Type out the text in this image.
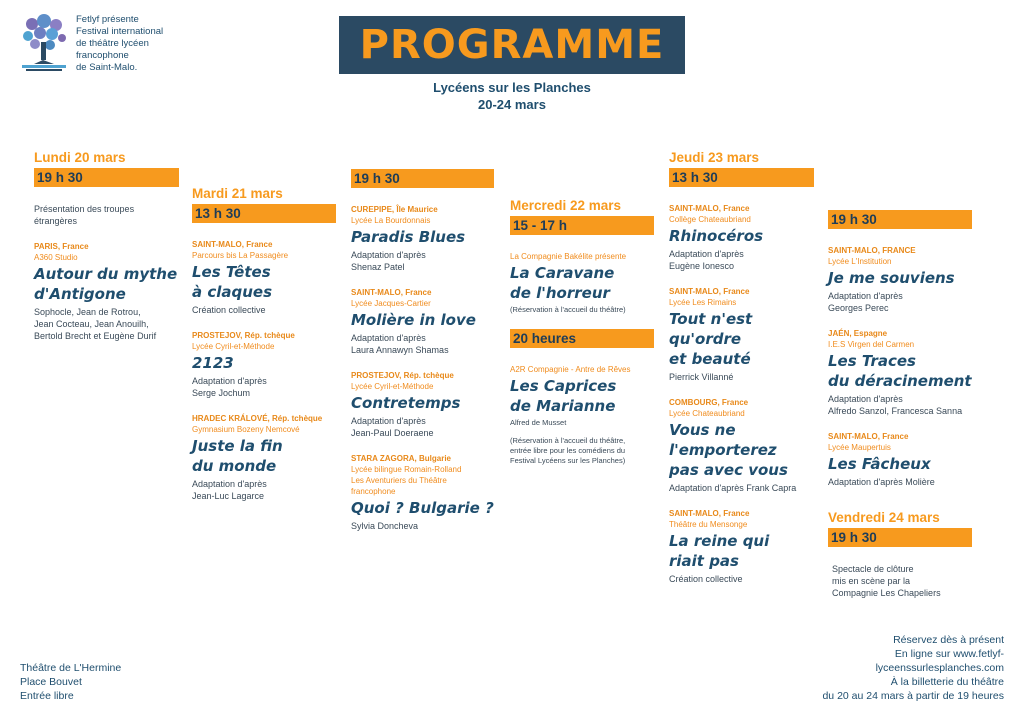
Fetlyf présente
Festival international
de théâtre lycéen
francophone
de Saint-Malo.	PROGRAMME
Lycéens sur les Planches
20-24 mars
Lundi 20 mars
19 h 30
Présentation des troupes
étrangères
PARIS, France
A360 Studio
Autour du mythe
d'Antigone
Sophocle, Jean de Rotrou,
Jean Cocteau, Jean Anouilh,
Bertold Brecht et Eugène Durif
Mardi 21 mars
13 h 30
SAINT-MALO, France
Parcours bis La Passagère
Les Têtes
à claques
Création collective
PROSTEJOV, Rép. tchèque
Lycée Cyril-et-Méthode
2123
Adaptation d'après
Serge Jochum
HRADEC KRÁLOVÉ, Rép. tchèque
Gymnasium Bozeny Nemcové
Juste la fin
du monde
Adaptation d'après
Jean-Luc Lagarce
19 h 30
CUREPIPE, Île Maurice
Lycée La Bourdonnais
Paradis Blues
Adaptation d'après
Shenaz Patel
SAINT-MALO, France
Lycée Jacques-Cartier
Molière in love
Adaptation d'après
Laura Annawyn Shamas
PROSTEJOV, Rép. tchèque
Lycée Cyril-et-Méthode
Contretemps
Adaptation d'après
Jean-Paul Doeraene
STARA ZAGORA, Bulgarie
Lycée bilingue Romain-Rolland
Les Aventuriers du Théâtre
francophone
Quoi ? Bulgarie ?
Sylvia Doncheva
Mercredi 22 mars
15 - 17 h
La Compagnie Bakélite présente
La Caravane
de l'horreur
(Réservation à l'accueil du théâtre)
20 heures
A2R Compagnie - Antre de Rêves
Les Caprices
de Marianne
Alfred de Musset
(Réservation à l'accueil du théâtre,
entrée libre pour les comédiens du
Festival Lycéens sur les Planches)
Jeudi 23 mars
13 h 30
SAINT-MALO, France
Collège Chateaubriand
Rhinocéros
Adaptation d'après
Eugène Ionesco
SAINT-MALO, France
Lycée Les Rimains
Tout n'est
qu'ordre
et beauté
Pierrick Villanné
COMBOURG, France
Lycée Chateaubriand
Vous ne
l'emporterez
pas avec vous
Adaptation d'après Frank Capra
SAINT-MALO, France
Théâtre du Mensonge
La reine qui
riait pas
Création collective
19 h 30
SAINT-MALO, FRANCE
Lycée L'Institution
Je me souviens
Adaptation d'après
Georges Perec
JAÉN, Espagne
I.E.S Virgen del Carmen
Les Traces
du déracinement
Adaptation d'après
Alfredo Sanzol, Francesca Sanna
SAINT-MALO, France
Lycée Maupertuis
Les Fâcheux
Adaptation d'après Molière
Vendredi 24 mars
19 h 30
Spectacle de clôture
mis en scène par la
Compagnie Les Chapeliers
Théâtre de L'Hermine
Place Bouvet
Entrée libre
Réservez dès à présent
En ligne sur www.fetlyf-
lyceenssurlesplanches.com
À la billetterie du théâtre
du 20 au 24 mars à partir de 19 heures
